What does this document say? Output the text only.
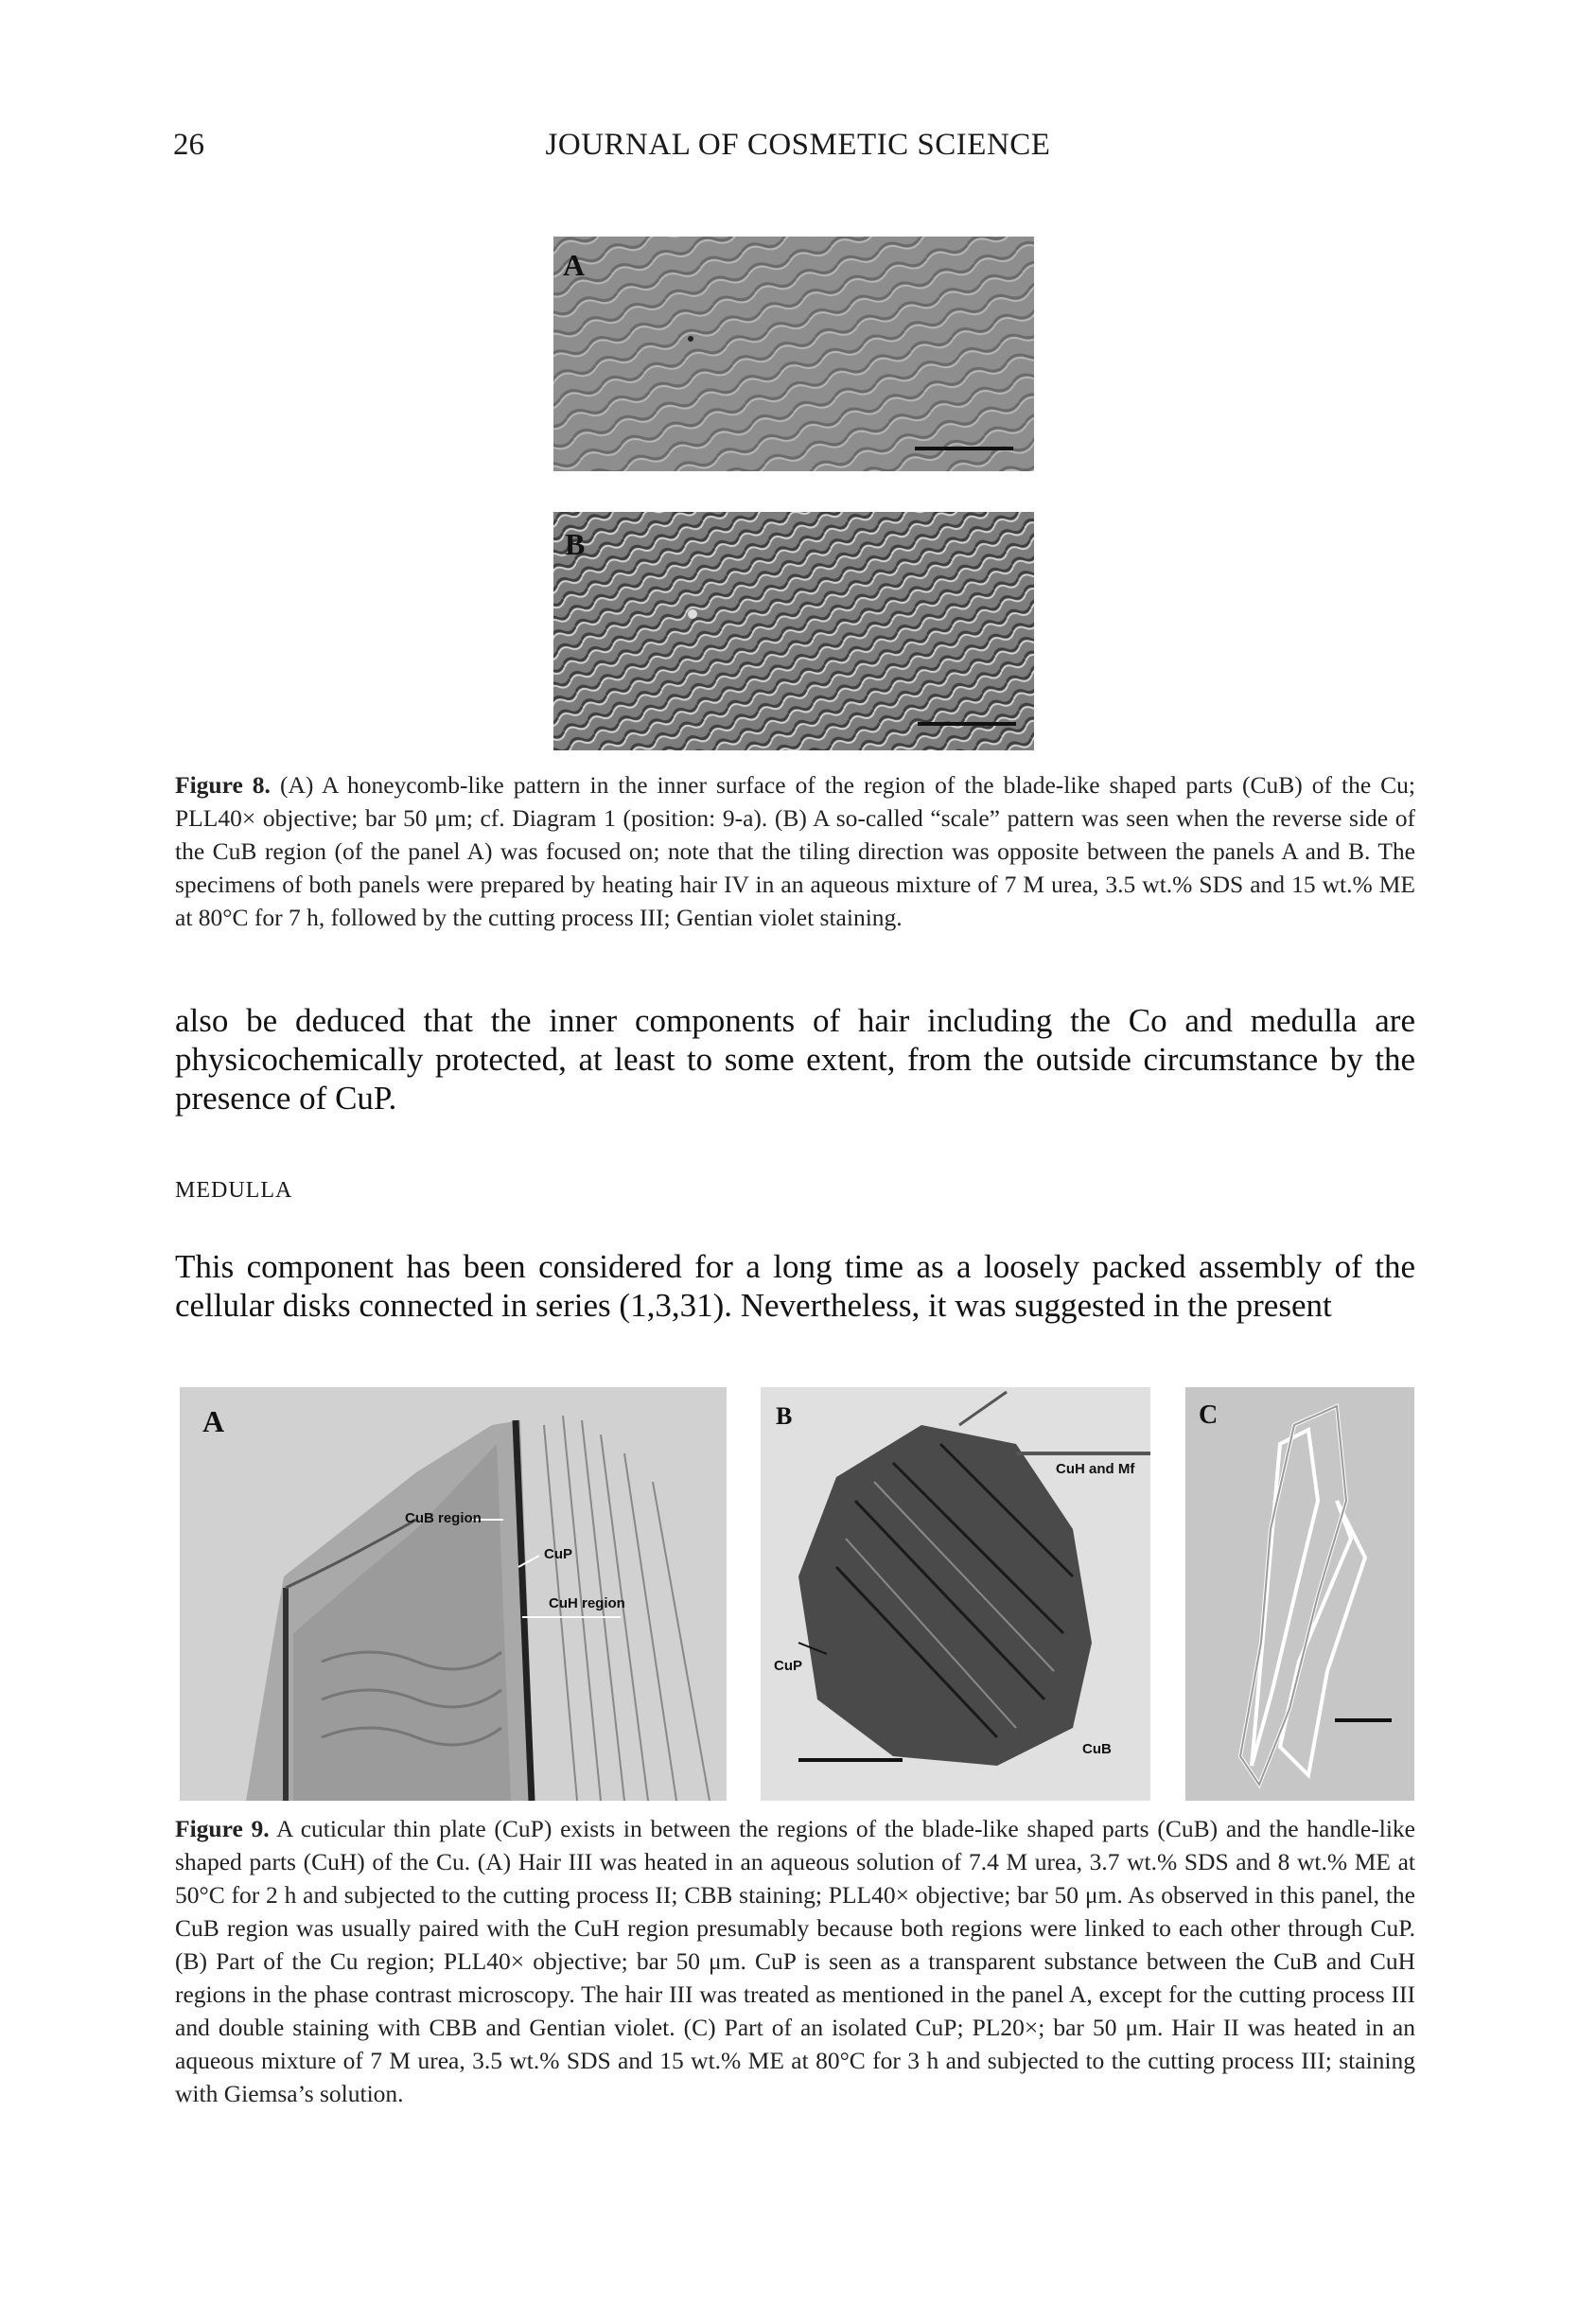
26	JOURNAL OF COSMETIC SCIENCE
A
B
Figure 8. (A) A honeycomb-like pattern in the inner surface of the region of the blade-like shaped parts (CuB) of the Cu; PLL40× objective; bar 50 μm; cf. Diagram 1 (position: 9-a). (B) A so-called “scale” pattern was seen when the reverse side of the CuB region (of the panel A) was focused on; note that the tiling direction was opposite between the panels A and B. The specimens of both panels were prepared by heating hair IV in an aqueous mixture of 7 M urea, 3.5 wt.% SDS and 15 wt.% ME at 80°C for 7 h, followed by the cutting process III; Gentian violet staining.
also be deduced that the inner components of hair including the Co and medulla are physicochemically protected, at least to some extent, from the outside circumstance by the presence of CuP.
MEDULLA
This component has been considered for a long time as a loosely packed assembly of the cellular disks connected in series (1,3,31). Nevertheless, it was suggested in the present
A
CuB region
CuP
CuH region
B
CuH and Mf
CuP
CuB
C
Figure 9. A cuticular thin plate (CuP) exists in between the regions of the blade-like shaped parts (CuB) and the handle-like shaped parts (CuH) of the Cu. (A) Hair III was heated in an aqueous solution of 7.4 M urea, 3.7 wt.% SDS and 8 wt.% ME at 50°C for 2 h and subjected to the cutting process II; CBB staining; PLL40× objective; bar 50 μm. As observed in this panel, the CuB region was usually paired with the CuH region presumably because both regions were linked to each other through CuP. (B) Part of the Cu region; PLL40× objective; bar 50 μm. CuP is seen as a transparent substance between the CuB and CuH regions in the phase contrast microscopy. The hair III was treated as mentioned in the panel A, except for the cutting process III and double staining with CBB and Gentian violet. (C) Part of an isolated CuP; PL20×; bar 50 μm. Hair II was heated in an aqueous mixture of 7 M urea, 3.5 wt.% SDS and 15 wt.% ME at 80°C for 3 h and subjected to the cutting process III; staining with Giemsa’s solution.
